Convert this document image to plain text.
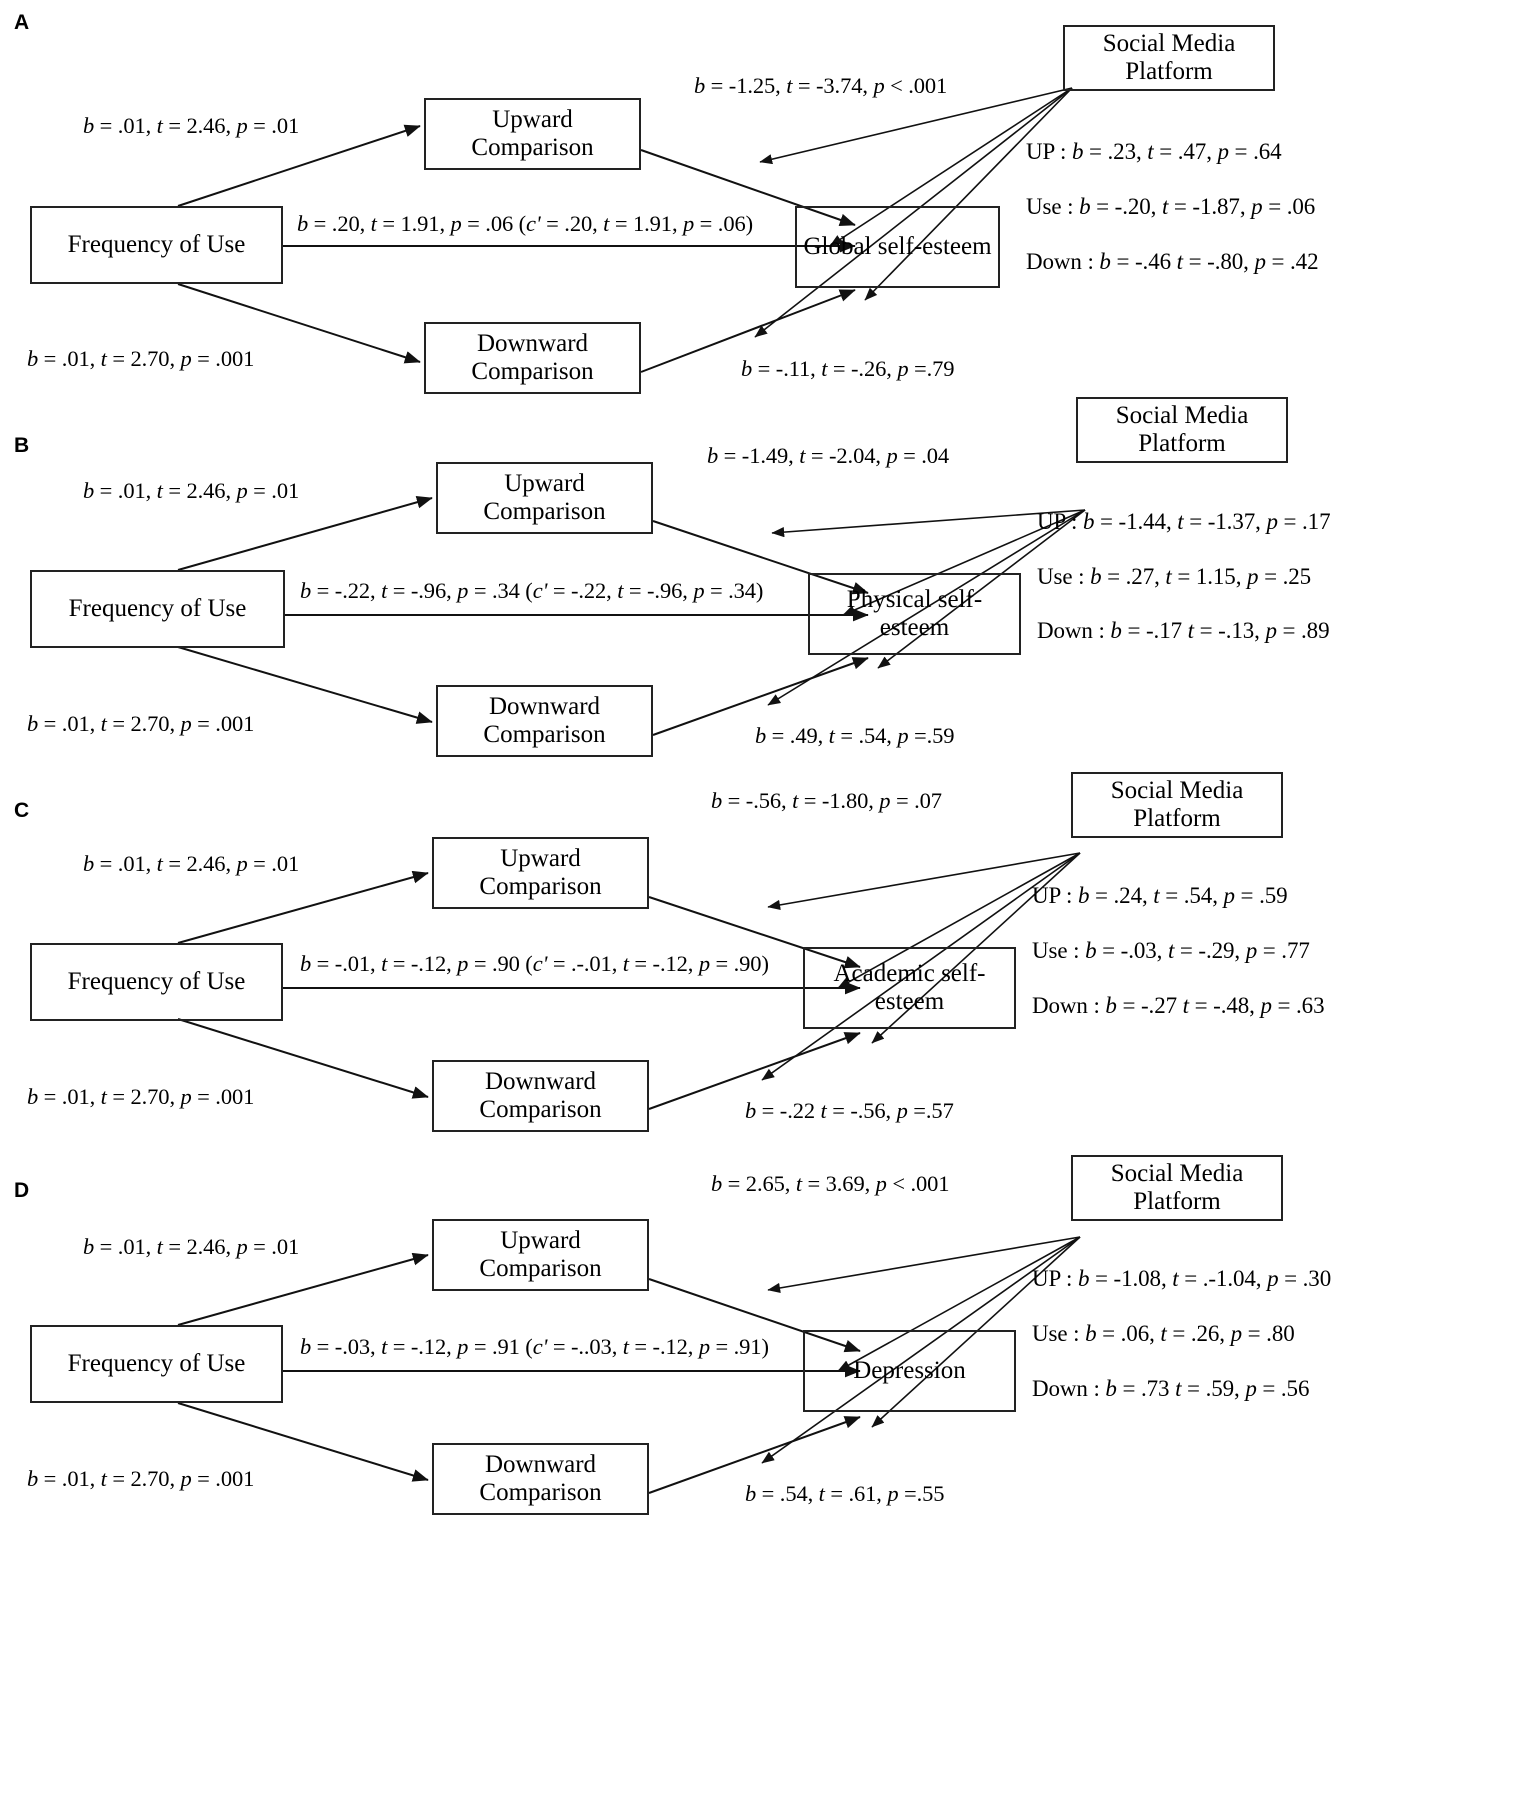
A
Frequency of Use
Upward Comparison
Downward Comparison
Global self-esteem
Social Media Platform
b = .01, t = 2.46, p = .01
b = .01, t = 2.70, p = .001
b = -1.25, t = -3.74, p < .001
b = -.11, t = -.26, p =.79
b = .20, t = 1.91, p = .06 (c' = .20, t = 1.91, p = .06)
UP : b = .23, t = .47, p = .64
Use : b = -.20, t = -1.87, p = .06
Down : b = -.46 t = -.80, p = .42
B
Frequency of Use
Upward Comparison
Downward Comparison
Physical self-esteem
Social Media Platform
b = .01, t = 2.46, p = .01
b = .01, t = 2.70, p = .001
b = -1.49, t = -2.04, p = .04
b = .49, t = .54, p =.59
b = -.22, t = -.96, p = .34 (c' = -.22, t = -.96, p = .34)
UP : b = -1.44, t = -1.37, p = .17
Use : b = .27, t = 1.15, p = .25
Down : b = -.17 t = -.13, p = .89
C
Frequency of Use
Upward Comparison
Downward Comparison
Academic self-esteem
Social Media Platform
b = .01, t = 2.46, p = .01
b = .01, t = 2.70, p = .001
b = -.56, t = -1.80, p = .07
b = -.22 t = -.56, p =.57
b = -.01, t = -.12, p = .90 (c' = .-.01, t = -.12, p = .90)
UP : b = .24, t = .54, p = .59
Use : b = -.03, t = -.29, p = .77
Down : b = -.27 t = -.48, p = .63
D
Frequency of Use
Upward Comparison
Downward Comparison
Depression
Social Media Platform
b = .01, t = 2.46, p = .01
b = .01, t = 2.70, p = .001
b = 2.65, t = 3.69, p < .001
b = .54, t = .61, p =.55
b = -.03, t = -.12, p = .91 (c' = -..03, t = -.12, p = .91)
UP : b = -1.08, t = .-1.04, p = .30
Use : b = .06, t = .26, p = .80
Down : b = .73 t = .59, p = .56
